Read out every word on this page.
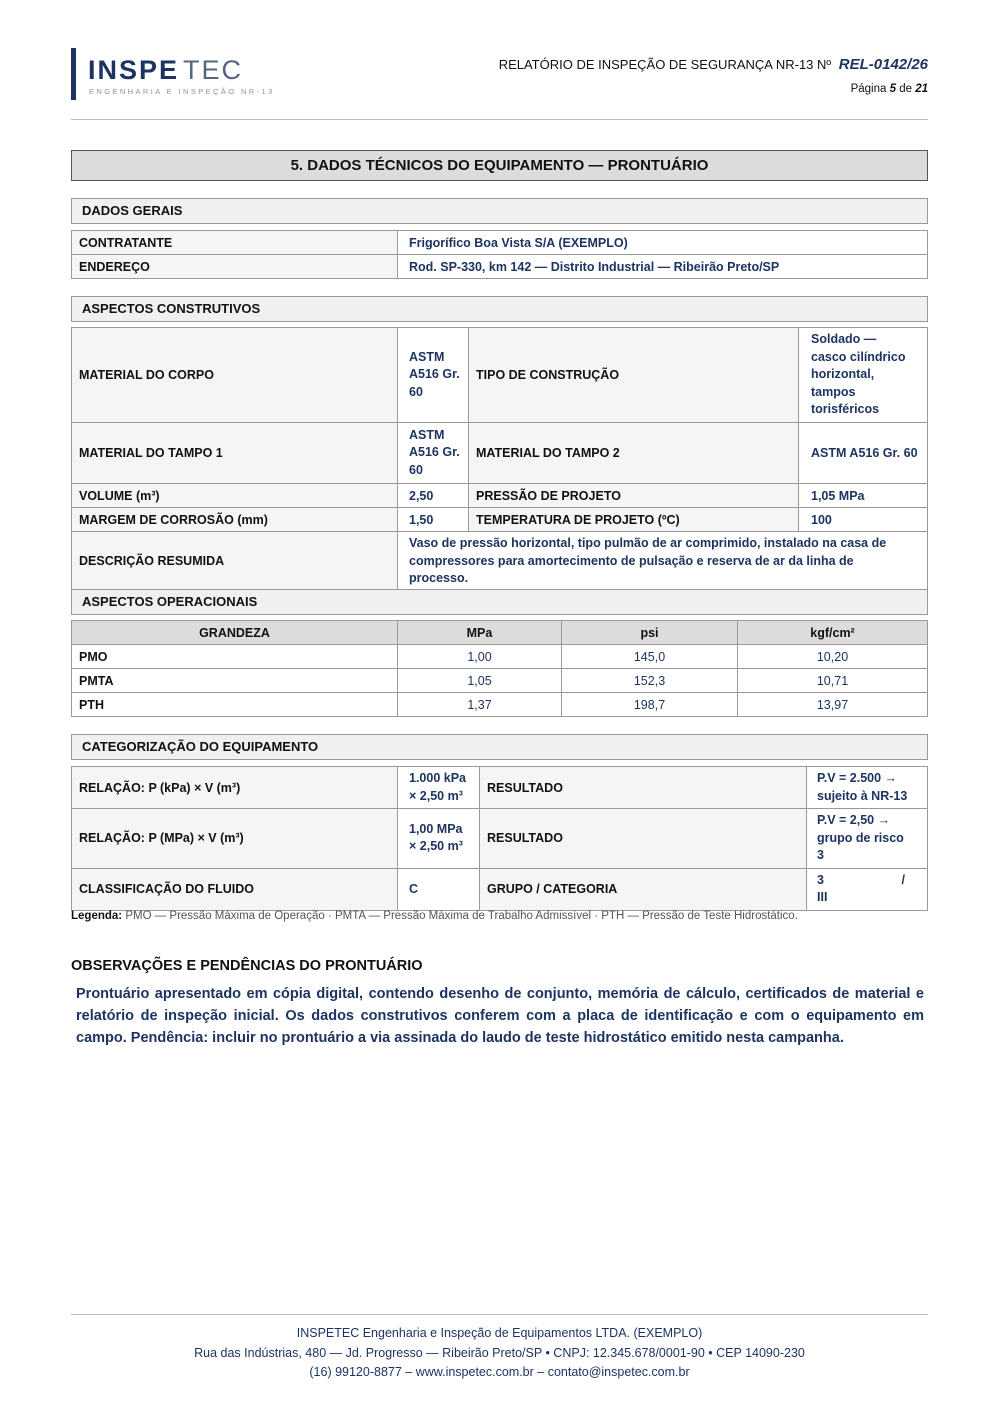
INSPE TEC
ENGENHARIA E INSPEÇÃO NR-13
RELATÓRIO DE INSPEÇÃO DE SEGURANÇA NR-13 Nº REL-0142/26
Página 5 de 21
5. DADOS TÉCNICOS DO EQUIPAMENTO — PRONTUÁRIO
DADOS GERAIS
CONTRATANTE	Frigorífico Boa Vista S/A (EXEMPLO)
ENDEREÇO	Rod. SP-330, km 142 — Distrito Industrial — Ribeirão Preto/SP
ASPECTOS CONSTRUTIVOS
MATERIAL DO CORPO	ASTM A516 Gr. 60	TIPO DE CONSTRUÇÃO	Soldado — casco cilíndrico horizontal, tampos torisféricos
MATERIAL DO TAMPO 1	ASTM A516 Gr. 60	MATERIAL DO TAMPO 2	ASTM A516 Gr. 60
VOLUME (m³)	2,50	PRESSÃO DE PROJETO	1,05 MPa
MARGEM DE CORROSÃO (mm)	1,50	TEMPERATURA DE PROJETO (ºC)	100
DESCRIÇÃO RESUMIDA	Vaso de pressão horizontal, tipo pulmão de ar comprimido, instalado na casa de compressores para amortecimento de pulsação e reserva de ar da linha de processo.		
ASPECTOS OPERACIONAIS
GRANDEZA	MPa	psi	kgf/cm²
PMO	1,00	145,0	10,20
PMTA	1,05	152,3	10,71
PTH	1,37	198,7	13,97
CATEGORIZAÇÃO DO EQUIPAMENTO
RELAÇÃO: P (kPa) × V (m³)	1.000 kPa × 2,50 m³	RESULTADO	P.V = 2.500 → sujeito à NR-13
RELAÇÃO: P (MPa) × V (m³)	1,00 MPa × 2,50 m³	RESULTADO	P.V = 2,50 → grupo de risco 3
CLASSIFICAÇÃO DO FLUIDO	C	GRUPO / CATEGORIA	3 /
III
Legenda: PMO — Pressão Máxima de Operação · PMTA — Pressão Máxima de Trabalho Admissível · PTH — Pressão de Teste Hidrostático.
OBSERVAÇÕES E PENDÊNCIAS DO PRONTUÁRIO
Prontuário apresentado em cópia digital, contendo desenho de conjunto, memória de cálculo, certificados de material e relatório de inspeção inicial. Os dados construtivos conferem com a placa de identificação e com o equipamento em campo. Pendência: incluir no prontuário a via assinada do laudo de teste hidrostático emitido nesta campanha.
INSPETEC Engenharia e Inspeção de Equipamentos LTDA. (EXEMPLO)
Rua das Indústrias, 480 — Jd. Progresso — Ribeirão Preto/SP • CNPJ: 12.345.678/0001-90 • CEP 14090-230
(16) 99120-8877 – www.inspetec.com.br – contato@inspetec.com.br
